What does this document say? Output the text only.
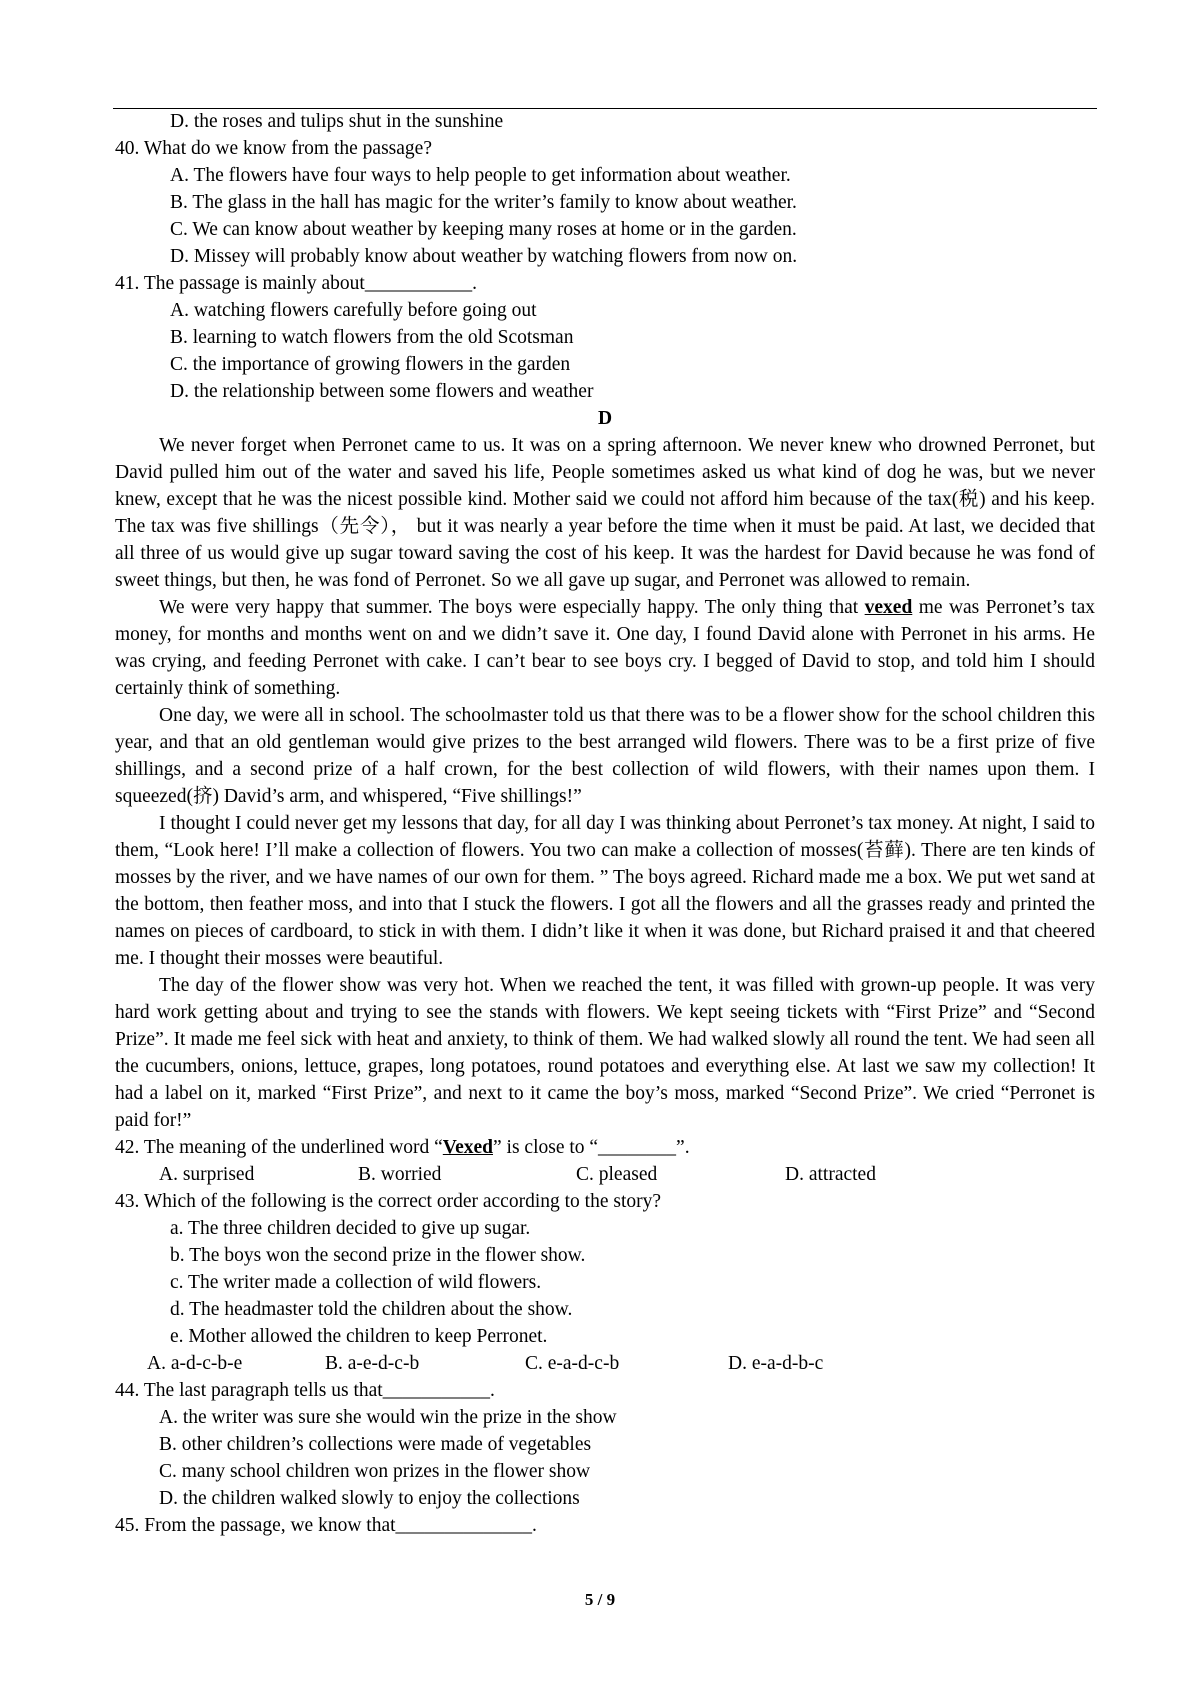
D. the roses and tulips shut in the sunshine
40. What do we know from the passage?
A. The flowers have four ways to help people to get information about weather.
B. The glass in the hall has magic for the writer’s family to know about weather.
C. We can know about weather by keeping many roses at home or in the garden.
D. Missey will probably know about weather by watching flowers from now on.
41. The passage is mainly about___________.
A. watching flowers carefully before going out
B. learning to watch flowers from the old Scotsman
C. the importance of growing flowers in the garden
D. the relationship between some flowers and weather
D

We never forget when Perronet came to us. It was on a spring afternoon. We never knew who drowned Perronet, but David pulled him out of the water and saved his life, People sometimes asked us what kind of dog he was, but we never knew, except that he was the nicest possible kind. Mother said we could not afford him because of the tax(税) and his keep. The tax was five shillings（先令）， but it was nearly a year before the time when it must be paid. At last, we decided that all three of us would give up sugar toward saving the cost of his keep. It was the hardest for David because he was fond of sweet things, but then, he was fond of Perronet. So we all gave up sugar, and Perronet was allowed to remain.

We were very happy that summer. The boys were especially happy. The only thing that vexed me was Perronet’s tax money, for months and months went on and we didn’t save it. One day, I found David alone with Perronet in his arms. He was crying, and feeding Perronet with cake. I can’t bear to see boys cry. I begged of David to stop, and told him I should certainly think of something.

One day, we were all in school. The schoolmaster told us that there was to be a flower show for the school children this year, and that an old gentleman would give prizes to the best arranged wild flowers. There was to be a first prize of five shillings, and a second prize of a half crown, for the best collection of wild flowers, with their names upon them. I squeezed(挤) David’s arm, and whispered, “Five shillings!”

I thought I could never get my lessons that day, for all day I was thinking about Perronet’s tax money. At night, I said to them, “Look here! I’ll make a collection of flowers. You two can make a collection of mosses(苔藓). There are ten kinds of mosses by the river, and we have names of our own for them. ” The boys agreed. Richard made me a box. We put wet sand at the bottom, then feather moss, and into that I stuck the flowers. I got all the flowers and all the grasses ready and printed the names on pieces of cardboard, to stick in with them. I didn’t like it when it was done, but Richard praised it and that cheered me. I thought their mosses were beautiful.

The day of the flower show was very hot. When we reached the tent, it was filled with grown-up people. It was very hard work getting about and trying to see the stands with flowers. We kept seeing tickets with “First Prize” and “Second Prize”. It made me feel sick with heat and anxiety, to think of them. We had walked slowly all round the tent. We had seen all the cucumbers, onions, lettuce, grapes, long potatoes, round potatoes and everything else. At last we saw my collection! It had a label on it, marked “First Prize”, and next to it came the boy’s moss, marked “Second Prize”. We cried “Perronet is paid for!”

42. The meaning of the underlined word “Vexed” is close to “________”.
A. surprised	B. worried	C. pleased	D. attracted
43. Which of the following is the correct order according to the story?
a. The three children decided to give up sugar.
b. The boys won the second prize in the flower show.
c. The writer made a collection of wild flowers.
d. The headmaster told the children about the show.
e. Mother allowed the children to keep Perronet.
A. a-d-c-b-e	B. a-e-d-c-b	C. e-a-d-c-b	D. e-a-d-b-c
44. The last paragraph tells us that___________.
A. the writer was sure she would win the prize in the show
B. other children’s collections were made of vegetables
C. many school children won prizes in the flower show
D. the children walked slowly to enjoy the collections
45. From the passage, we know that______________.
5 / 9
